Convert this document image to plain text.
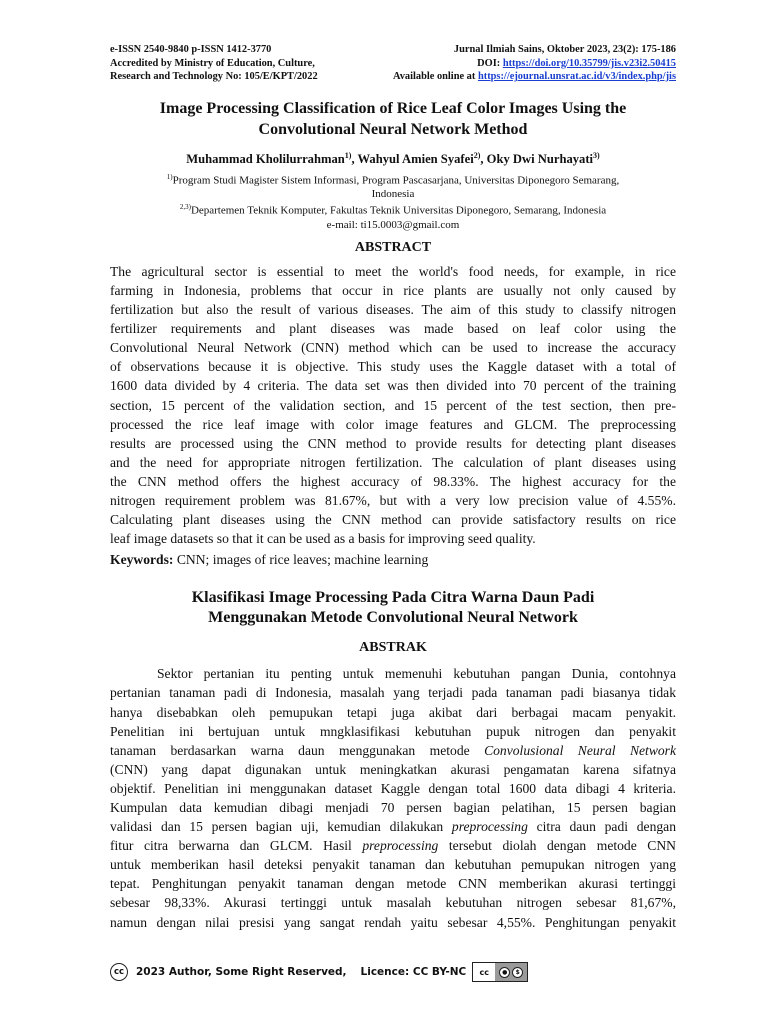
e-ISSN 2540-9840 p-ISSN 1412-3770	Jurnal Ilmiah Sains, Oktober 2023, 23(2): 175-186
Accredited by Ministry of Education, Culture,	DOI: https://doi.org/10.35799/jis.v23i2.50415
Research and Technology No: 105/E/KPT/2022	Available online at https://ejournal.unsrat.ac.id/v3/index.php/jis
Image Processing Classification of Rice Leaf Color Images Using the
Convolutional Neural Network Method
Muhammad Kholilurrahman$^{1)}$, Wahyul Amien Syafei$^{2)}$, Oky Dwi Nurhayati$^{3)}$
$^{1)}$Program Studi Magister Sistem Informasi, Program Pascasarjana, Universitas Diponegoro Semarang,
Indonesia
$^{2,3)}$Departemen Teknik Komputer, Fakultas Teknik Universitas Diponegoro, Semarang, Indonesia
e-mail: ti15.0003@gmail.com
ABSTRACT
The agricultural sector is essential to meet the world's food needs, for example, in rice
farming in Indonesia, problems that occur in rice plants are usually not only caused by
fertilization but also the result of various diseases. The aim of this study to classify nitrogen
fertilizer requirements and plant diseases was made based on leaf color using the
Convolutional Neural Network (CNN) method which can be used to increase the accuracy
of observations because it is objective. This study uses the Kaggle dataset with a total of
1600 data divided by 4 criteria. The data set was then divided into 70 percent of the training
section, 15 percent of the validation section, and 15 percent of the test section, then pre-
processed the rice leaf image with color image features and GLCM. The preprocessing
results are processed using the CNN method to provide results for detecting plant diseases
and the need for appropriate nitrogen fertilization. The calculation of plant diseases using
the CNN method offers the highest accuracy of 98.33%. The highest accuracy for the
nitrogen requirement problem was 81.67%, but with a very low precision value of 4.55%.
Calculating plant diseases using the CNN method can provide satisfactory results on rice
leaf image datasets so that it can be used as a basis for improving seed quality.
Keywords: CNN; images of rice leaves; machine learning
Klasifikasi Image Processing Pada Citra Warna Daun Padi
Menggunakan Metode Convolutional Neural Network
ABSTRAK
Sektor pertanian itu penting untuk memenuhi kebutuhan pangan Dunia, contohnya
pertanian tanaman padi di Indonesia, masalah yang terjadi pada tanaman padi biasanya tidak
hanya disebabkan oleh pemupukan tetapi juga akibat dari berbagai macam penyakit.
Penelitian ini bertujuan untuk mngklasifikasi kebutuhan pupuk nitrogen dan penyakit
tanaman berdasarkan warna daun menggunakan metode Convolusional Neural Network
(CNN) yang dapat digunakan untuk meningkatkan akurasi pengamatan karena sifatnya
objektif. Penelitian ini menggunakan dataset Kaggle dengan total 1600 data dibagi 4 kriteria.
Kumpulan data kemudian dibagi menjadi 70 persen bagian pelatihan, 15 persen bagian
validasi dan 15 persen bagian uji, kemudian dilakukan preprocessing citra daun padi dengan
fitur citra berwarna dan GLCM. Hasil preprocessing tersebut diolah dengan metode CNN
untuk memberikan hasil deteksi penyakit tanaman dan kebutuhan pemupukan nitrogen yang
tepat. Penghitungan penyakit tanaman dengan metode CNN memberikan akurasi tertinggi
sebesar 98,33%. Akurasi tertinggi untuk masalah kebutuhan nitrogen sebesar 81,67%,
namun dengan nilai presisi yang sangat rendah yaitu sebesar 4,55%. Penghitungan penyakit
cc	2023 Author, Some Right Reserved, Licence: CC BY-NC	cc	●	$
